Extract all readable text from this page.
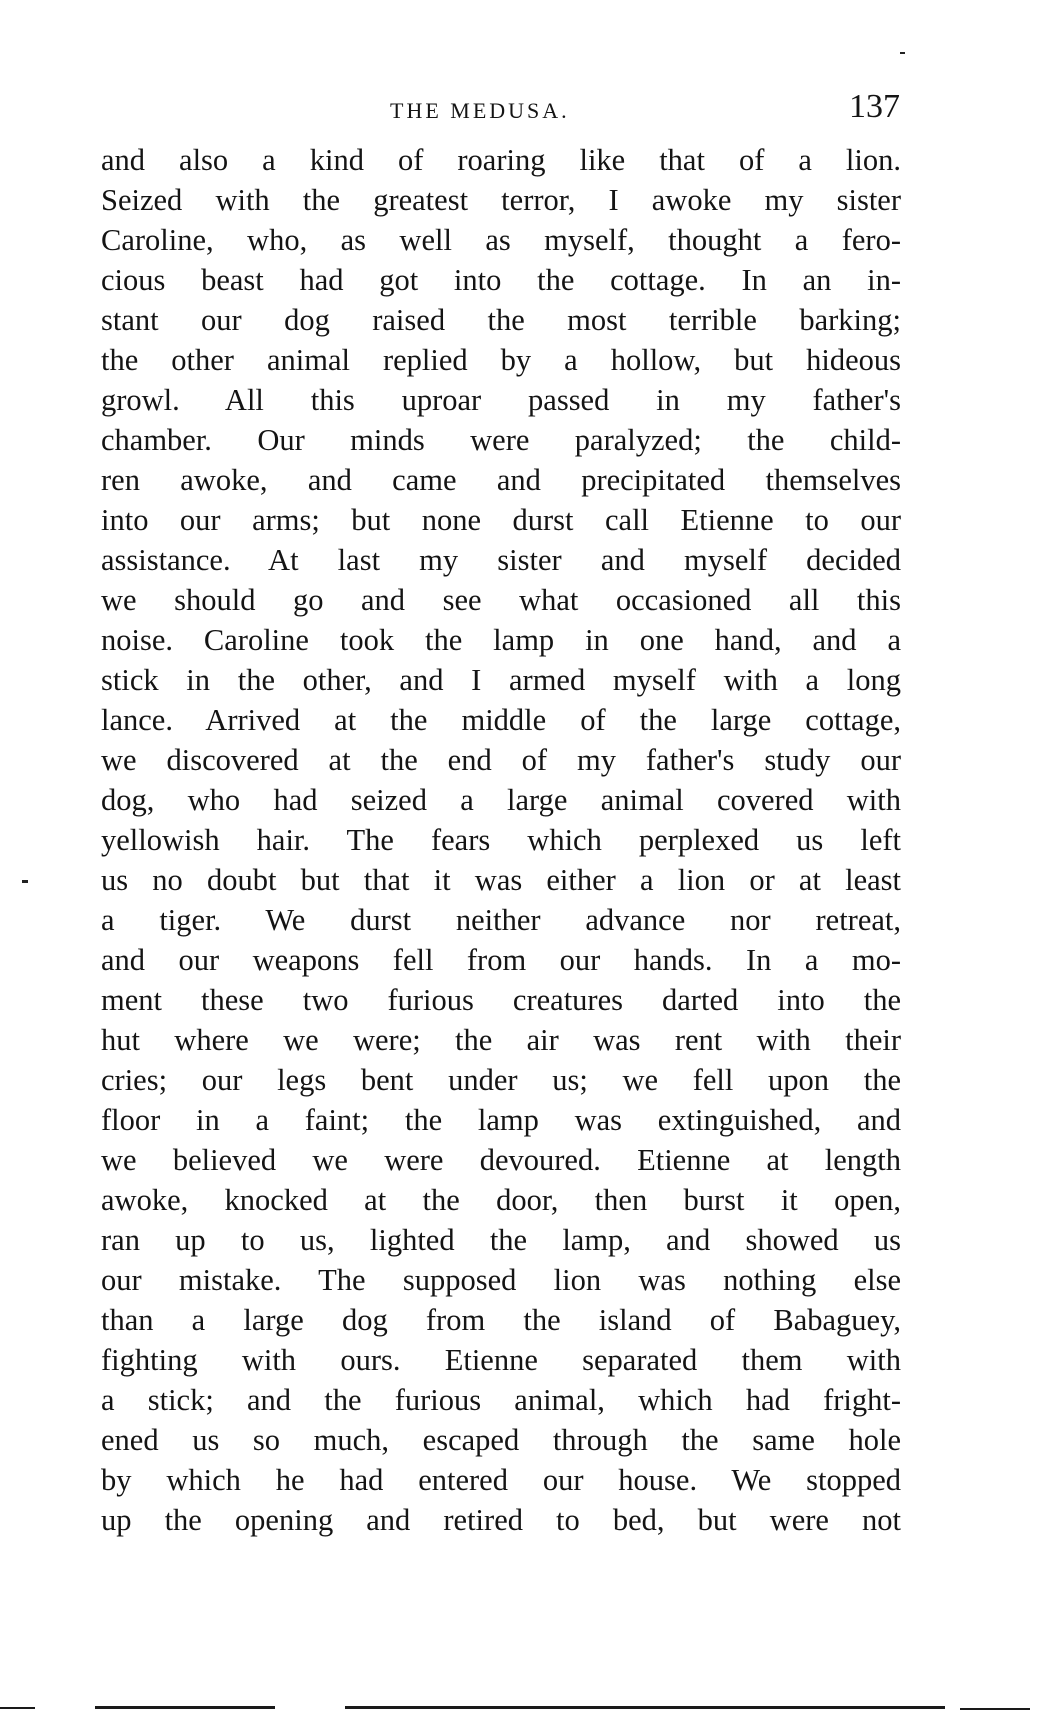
THE MEDUSA.	137
and also a kind of roaring like that of a lion.
Seized with the greatest terror, I awoke my sister
Caroline, who, as well as myself, thought a fero-
cious beast had got into the cottage. In an in-
stant our dog raised the most terrible barking;
the other animal replied by a hollow, but hideous
growl. All this uproar passed in my father's
chamber. Our minds were paralyzed; the child-
ren awoke, and came and precipitated themselves
into our arms; but none durst call Etienne to our
assistance. At last my sister and myself decided
we should go and see what occasioned all this
noise. Caroline took the lamp in one hand, and a
stick in the other, and I armed myself with a long
lance. Arrived at the middle of the large cottage,
we discovered at the end of my father's study our
dog, who had seized a large animal covered with
yellowish hair. The fears which perplexed us left
us no doubt but that it was either a lion or at least
a tiger. We durst neither advance nor retreat,
and our weapons fell from our hands. In a mo-
ment these two furious creatures darted into the
hut where we were; the air was rent with their
cries; our legs bent under us; we fell upon the
floor in a faint; the lamp was extinguished, and
we believed we were devoured. Etienne at length
awoke, knocked at the door, then burst it open,
ran up to us, lighted the lamp, and showed us
our mistake. The supposed lion was nothing else
than a large dog from the island of Babaguey,
fighting with ours. Etienne separated them with
a stick; and the furious animal, which had fright-
ened us so much, escaped through the same hole
by which he had entered our house. We stopped
up the opening and retired to bed, but were not
